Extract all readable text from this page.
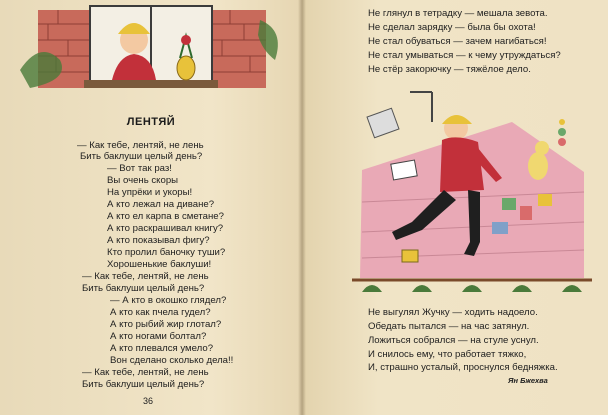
ЛЕНТЯЙ
— Как тебе, лентяй, не лень
Бить баклуши целый день?
— Вот так раз!
Вы очень скоры
На упрёки и укоры!
А кто лежал на диване?
А кто ел карпа в сметане?
А кто раскрашивал книгу?
А кто показывал фигу?
Кто пролил баночку туши?
Хорошенькие баклуши!
— Как тебе, лентяй, не лень
Бить баклуши целый день?
— А кто в окошко глядел?
А кто как пчела гудел?
А кто рыбий жир глотал?
А кто ногами болтал?
А кто плевался умело?
Вон сделано сколько дела!!
— Как тебе, лентяй, не лень
Бить баклуши целый день?
36
Не глянул в тетрадку — мешала зевота.
Не сделал зарядку — была бы охота!
Не стал обуваться — зачем нагибаться!
Не стал умываться — к чему утруждаться?
Не стёр закорючку — тяжёлое дело.
Не выгулял Жучку — ходить надоело.
Обедать пытался — на час затянул.
Ложиться собрался — на стуле уснул.
И снилось ему, что работает тяжко,
И, страшно усталый, проснулся бедняжка.
Ян Бжехва
